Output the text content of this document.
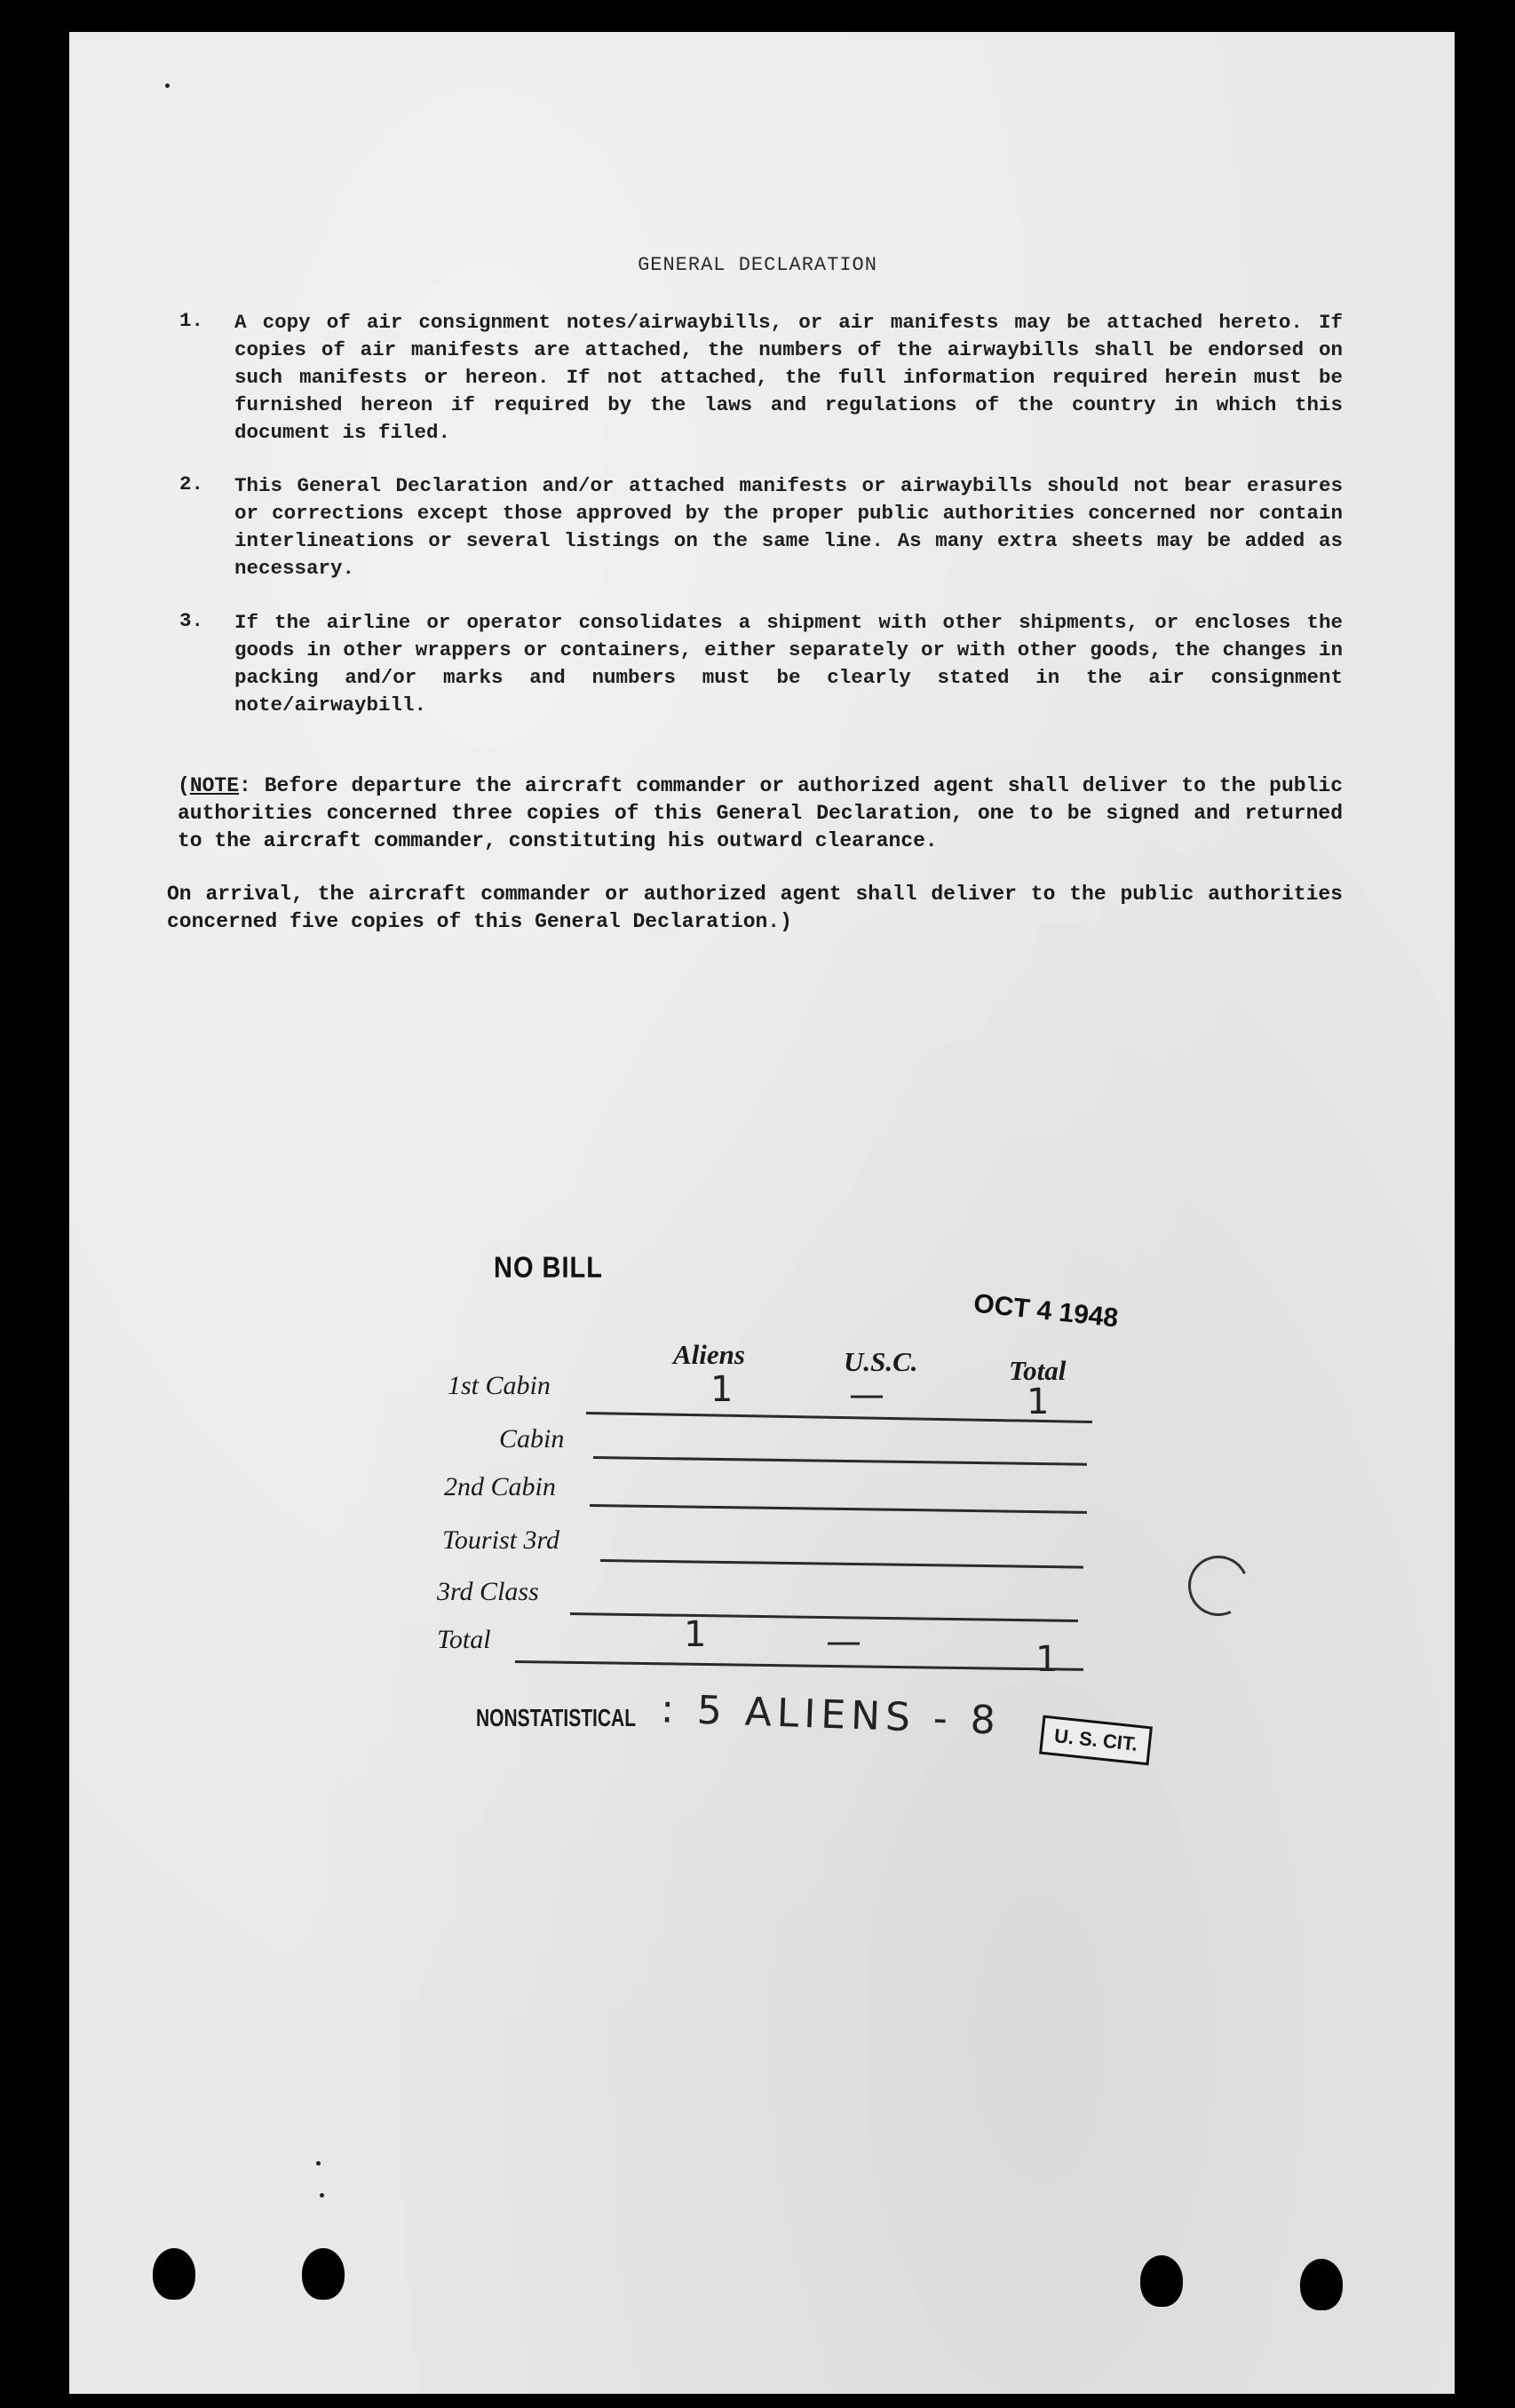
GENERAL DECLARATION
1. A copy of air consignment notes/airwaybills, or air manifests may be attached hereto. If copies of air manifests are attached, the numbers of the airwaybills shall be endorsed on such manifests or hereon. If not attached, the full information required herein must be furnished hereon if required by the laws and regulations of the country in which this document is filed.
2. This General Declaration and/or attached manifests or airwaybills should not bear erasures or corrections except those approved by the proper public authorities concerned nor contain interlineations or several listings on the same line. As many extra sheets may be added as necessary.
3. If the airline or operator consolidates a shipment with other shipments, or encloses the goods in other wrappers or containers, either separately or with other goods, the changes in packing and/or marks and numbers must be clearly stated in the air consignment note/airwaybill.
(NOTE: Before departure the aircraft commander or authorized agent shall deliver to the public authorities concerned three copies of this General Declaration, one to be signed and returned to the aircraft commander, constituting his outward clearance.
On arrival, the aircraft commander or authorized agent shall deliver to the public authorities concerned five copies of this General Declaration.)
NO BILL
OCT 4 1948
Aliens	U.S.C.	Total
1st Cabin	1	—	1
Cabin
2nd Cabin
Tourist 3rd
3rd Class
Total	1	—	1
NONSTATISTICAL : 5 ALIENS - 8	U. S. CIT.
